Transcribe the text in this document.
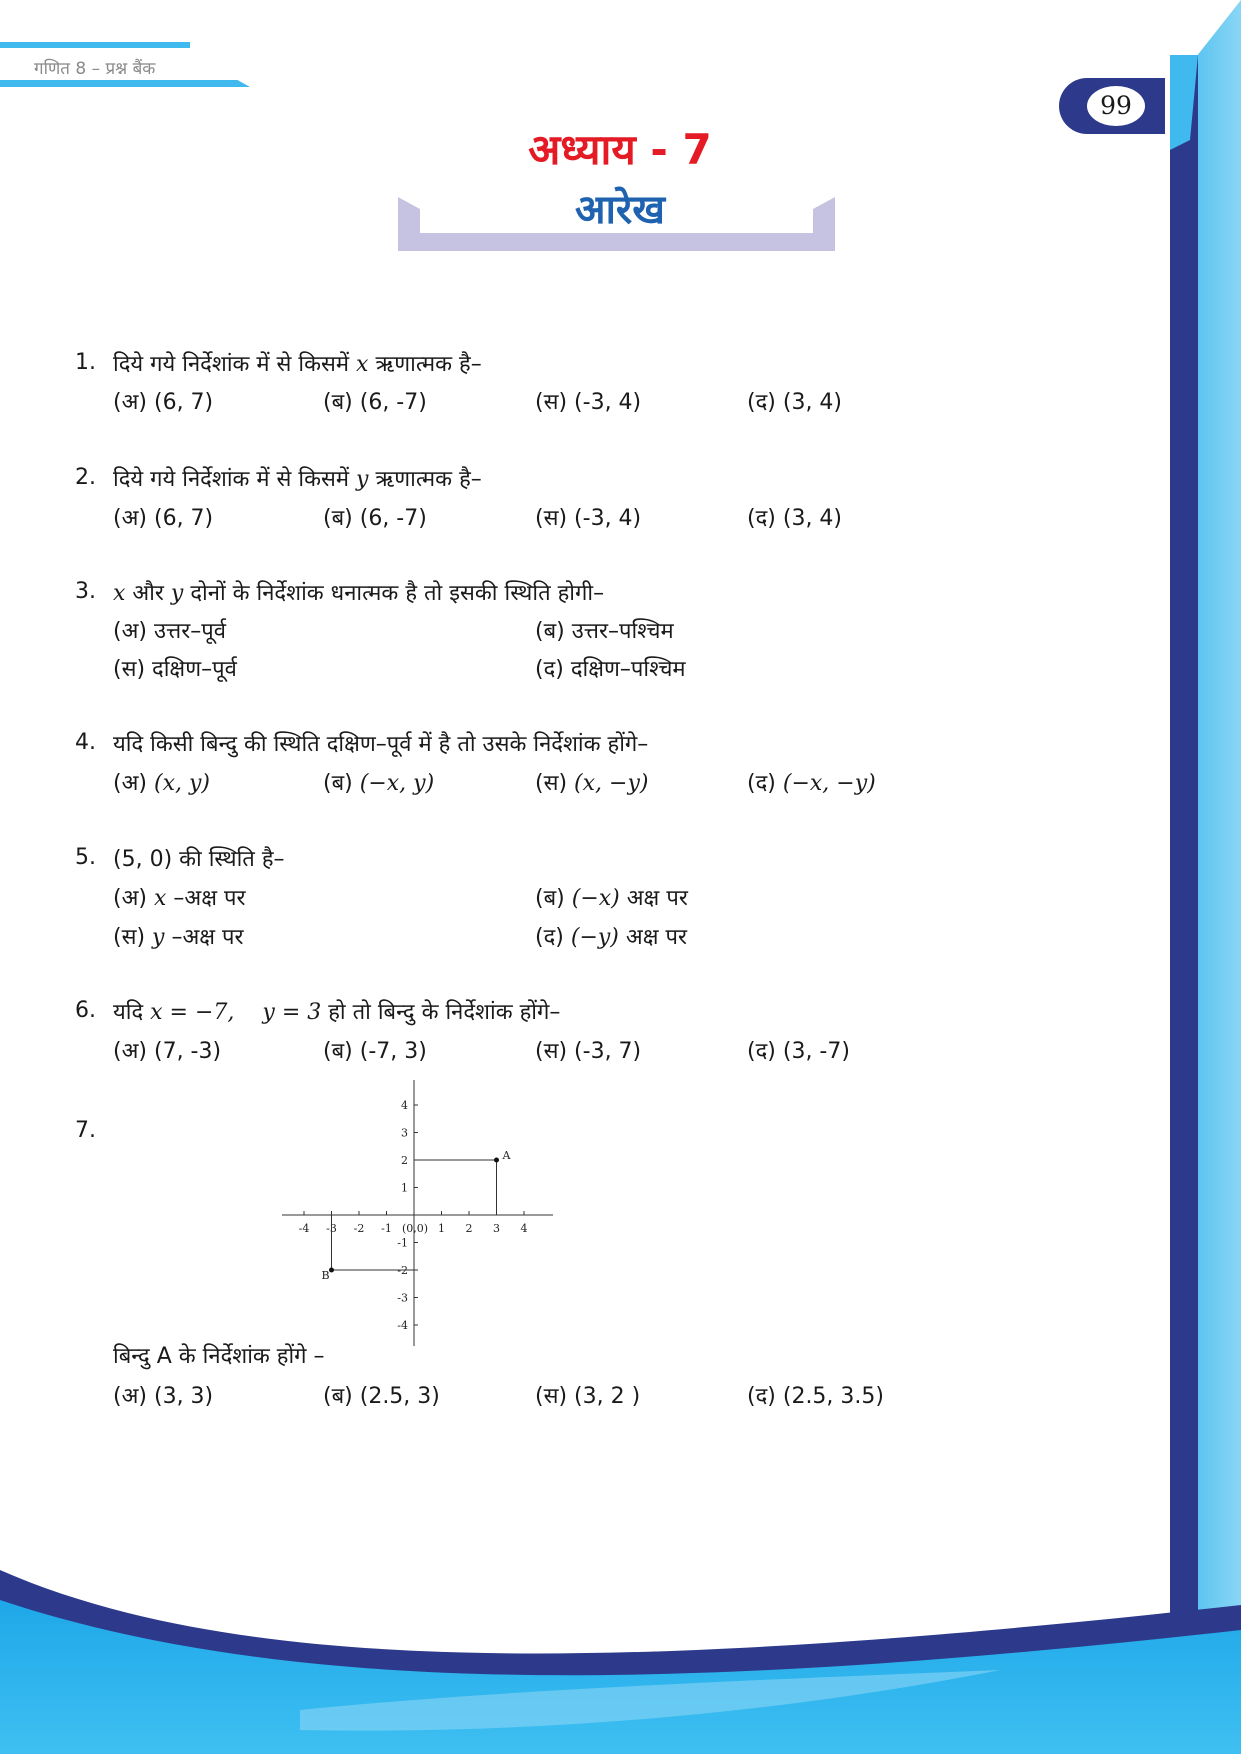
गणित 8 – प्रश्न बैंक
99
अध्याय - 7
आरेख
1. दिये गये निर्देशांक में से किसमें x ऋणात्मक है–
(अ) (6, 7)	(ब) (6, -7)	(स) (-3, 4)	(द) (3, 4)
2. दिये गये निर्देशांक में से किसमें y ऋणात्मक है–
(अ) (6, 7)	(ब) (6, -7)	(स) (-3, 4)	(द) (3, 4)
3. x और y दोनों के निर्देशांक धनात्मक है तो इसकी स्थिति होगी–
(अ) उत्तर–पूर्व	(ब) उत्तर–पश्चिम
(स) दक्षिण–पूर्व	(द) दक्षिण–पश्चिम
4. यदि किसी बिन्दु की स्थिति दक्षिण–पूर्व में है तो उसके निर्देशांक होंगे–
(अ) (x, y)	(ब) (−x, y)	(स) (x, −y)	(द) (−x, −y)
5. (5, 0) की स्थिति है–
(अ) x –अक्ष पर	(ब) (−x) अक्ष पर
(स) y –अक्ष पर	(द) (−y) अक्ष पर
6. यदि x = −7, y = 3 हो तो बिन्दु के निर्देशांक होंगे–
(अ) (7, -3)	(ब) (-7, 3)	(स) (-3, 7)	(द) (3, -7)
7.
-4 -3 -2 -1	1 2 3 4
4
3
2
1
-1
-2
-3
-4
(0,0)
A
B
बिन्दु A के निर्देशांक होंगे –
(अ) (3, 3)	(ब) (2.5, 3)	(स) (3, 2 )	(द) (2.5, 3.5)
